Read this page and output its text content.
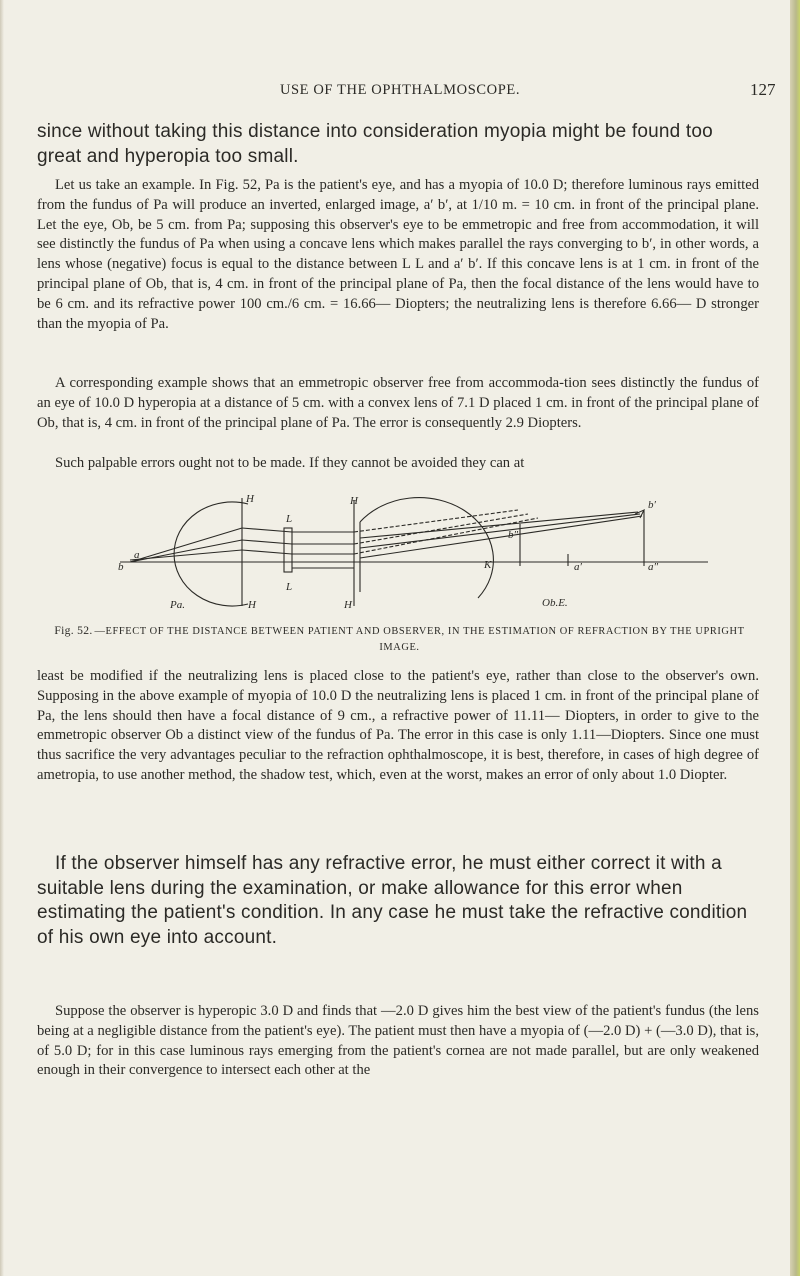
USE OF THE OPHTHALMOSCOPE.	127

since without taking this distance into consideration myopia might be found too great and hyperopia too small.

Let us take an example. In Fig. 52, Pa is the patient's eye, and has a myopia of 10.0 D; therefore luminous rays emitted from the fundus of Pa will produce an inverted, enlarged image, a′ b′, at 1/10 m. = 10 cm. in front of the principal plane. Let the eye, Ob, be 5 cm. from Pa; supposing this observer's eye to be emmetropic and free from accommodation, it will see distinctly the fundus of Pa when using a concave lens which makes parallel the rays converging to b′, in other words, a lens whose (negative) focus is equal to the distance between L L and a′ b′. If this concave lens is at 1 cm. in front of the principal plane of Ob, that is, 4 cm. in front of the principal plane of Pa, then the focal distance of the lens would have to be 6 cm. and its refractive power 100 cm./6 cm. = 16.66— Diopters; the neutralizing lens is therefore 6.66— D stronger than the myopia of Pa.

A corresponding example shows that an emmetropic observer free from accommoda-tion sees distinctly the fundus of an eye of 10.0 D hyperopia at a distance of 5 cm. with a convex lens of 7.1 D placed 1 cm. in front of the principal plane of Ob, that is, 4 cm. in front of the principal plane of Pa. The error is consequently 2.9 Diopters.

Such palpable errors ought not to be made. If they cannot be avoided they can at

H	H
L
L
a
b
Pa.	H	H
b′
b″
K	a′	a″
Ob.E.
Fig. 52. —EFFECT OF THE DISTANCE BETWEEN PATIENT AND OBSERVER, IN THE ESTIMATION OF REFRACTION BY THE UPRIGHT IMAGE.

least be modified if the neutralizing lens is placed close to the patient's eye, rather than close to the observer's own. Supposing in the above example of myopia of 10.0 D the neutralizing lens is placed 1 cm. in front of the principal plane of Pa, the lens should then have a focal distance of 9 cm., a refractive power of 11.11— Diopters, in order to give to the emmetropic observer Ob a distinct view of the fundus of Pa. The error in this case is only 1.11—Diopters. Since one must thus sacrifice the very advantages peculiar to the refraction ophthalmoscope, it is best, therefore, in cases of high degree of ametropia, to use another method, the shadow test, which, even at the worst, makes an error of only about 1.0 Diopter.

If the observer himself has any refractive error, he must either correct it with a suitable lens during the examination, or make allowance for this error when estimating the patient's condition. In any case he must take the refractive condition of his own eye into account.

Suppose the observer is hyperopic 3.0 D and finds that —2.0 D gives him the best view of the patient's fundus (the lens being at a negligible distance from the patient's eye). The patient must then have a myopia of (—2.0 D) + (—3.0 D), that is, of 5.0 D; for in this case luminous rays emerging from the patient's cornea are not made parallel, but are only weakened enough in their convergence to intersect each other at the
